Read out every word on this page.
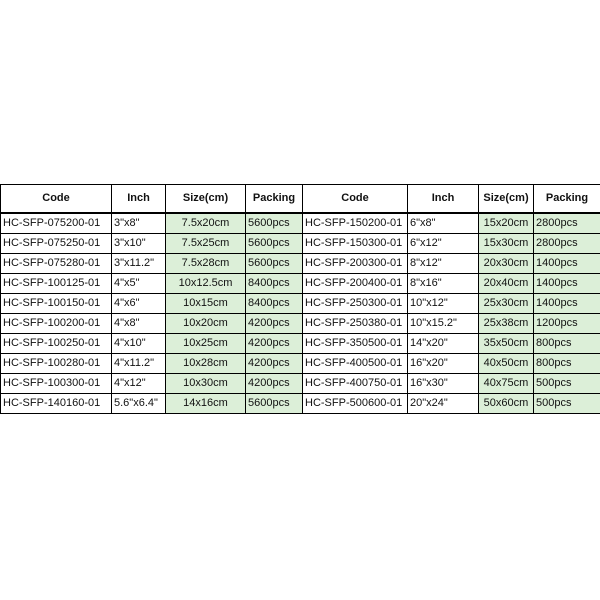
Code	Inch	Size(cm)	Packing	Code	Inch	Size(cm)	Packing
HC-SFP-075200-01	3"x8"	7.5x20cm	5600pcs	HC-SFP-150200-01	6"x8"	15x20cm	2800pcs
HC-SFP-075250-01	3"x10"	7.5x25cm	5600pcs	HC-SFP-150300-01	6"x12"	15x30cm	2800pcs
HC-SFP-075280-01	3"x11.2"	7.5x28cm	5600pcs	HC-SFP-200300-01	8"x12"	20x30cm	1400pcs
HC-SFP-100125-01	4"x5"	10x12.5cm	8400pcs	HC-SFP-200400-01	8"x16"	20x40cm	1400pcs
HC-SFP-100150-01	4"x6"	10x15cm	8400pcs	HC-SFP-250300-01	10"x12"	25x30cm	1400pcs
HC-SFP-100200-01	4"x8"	10x20cm	4200pcs	HC-SFP-250380-01	10"x15.2"	25x38cm	1200pcs
HC-SFP-100250-01	4"x10"	10x25cm	4200pcs	HC-SFP-350500-01	14"x20"	35x50cm	800pcs
HC-SFP-100280-01	4"x11.2"	10x28cm	4200pcs	HC-SFP-400500-01	16"x20"	40x50cm	800pcs
HC-SFP-100300-01	4"x12"	10x30cm	4200pcs	HC-SFP-400750-01	16"x30"	40x75cm	500pcs
HC-SFP-140160-01	5.6"x6.4"	14x16cm	5600pcs	HC-SFP-500600-01	20"x24"	50x60cm	500pcs
